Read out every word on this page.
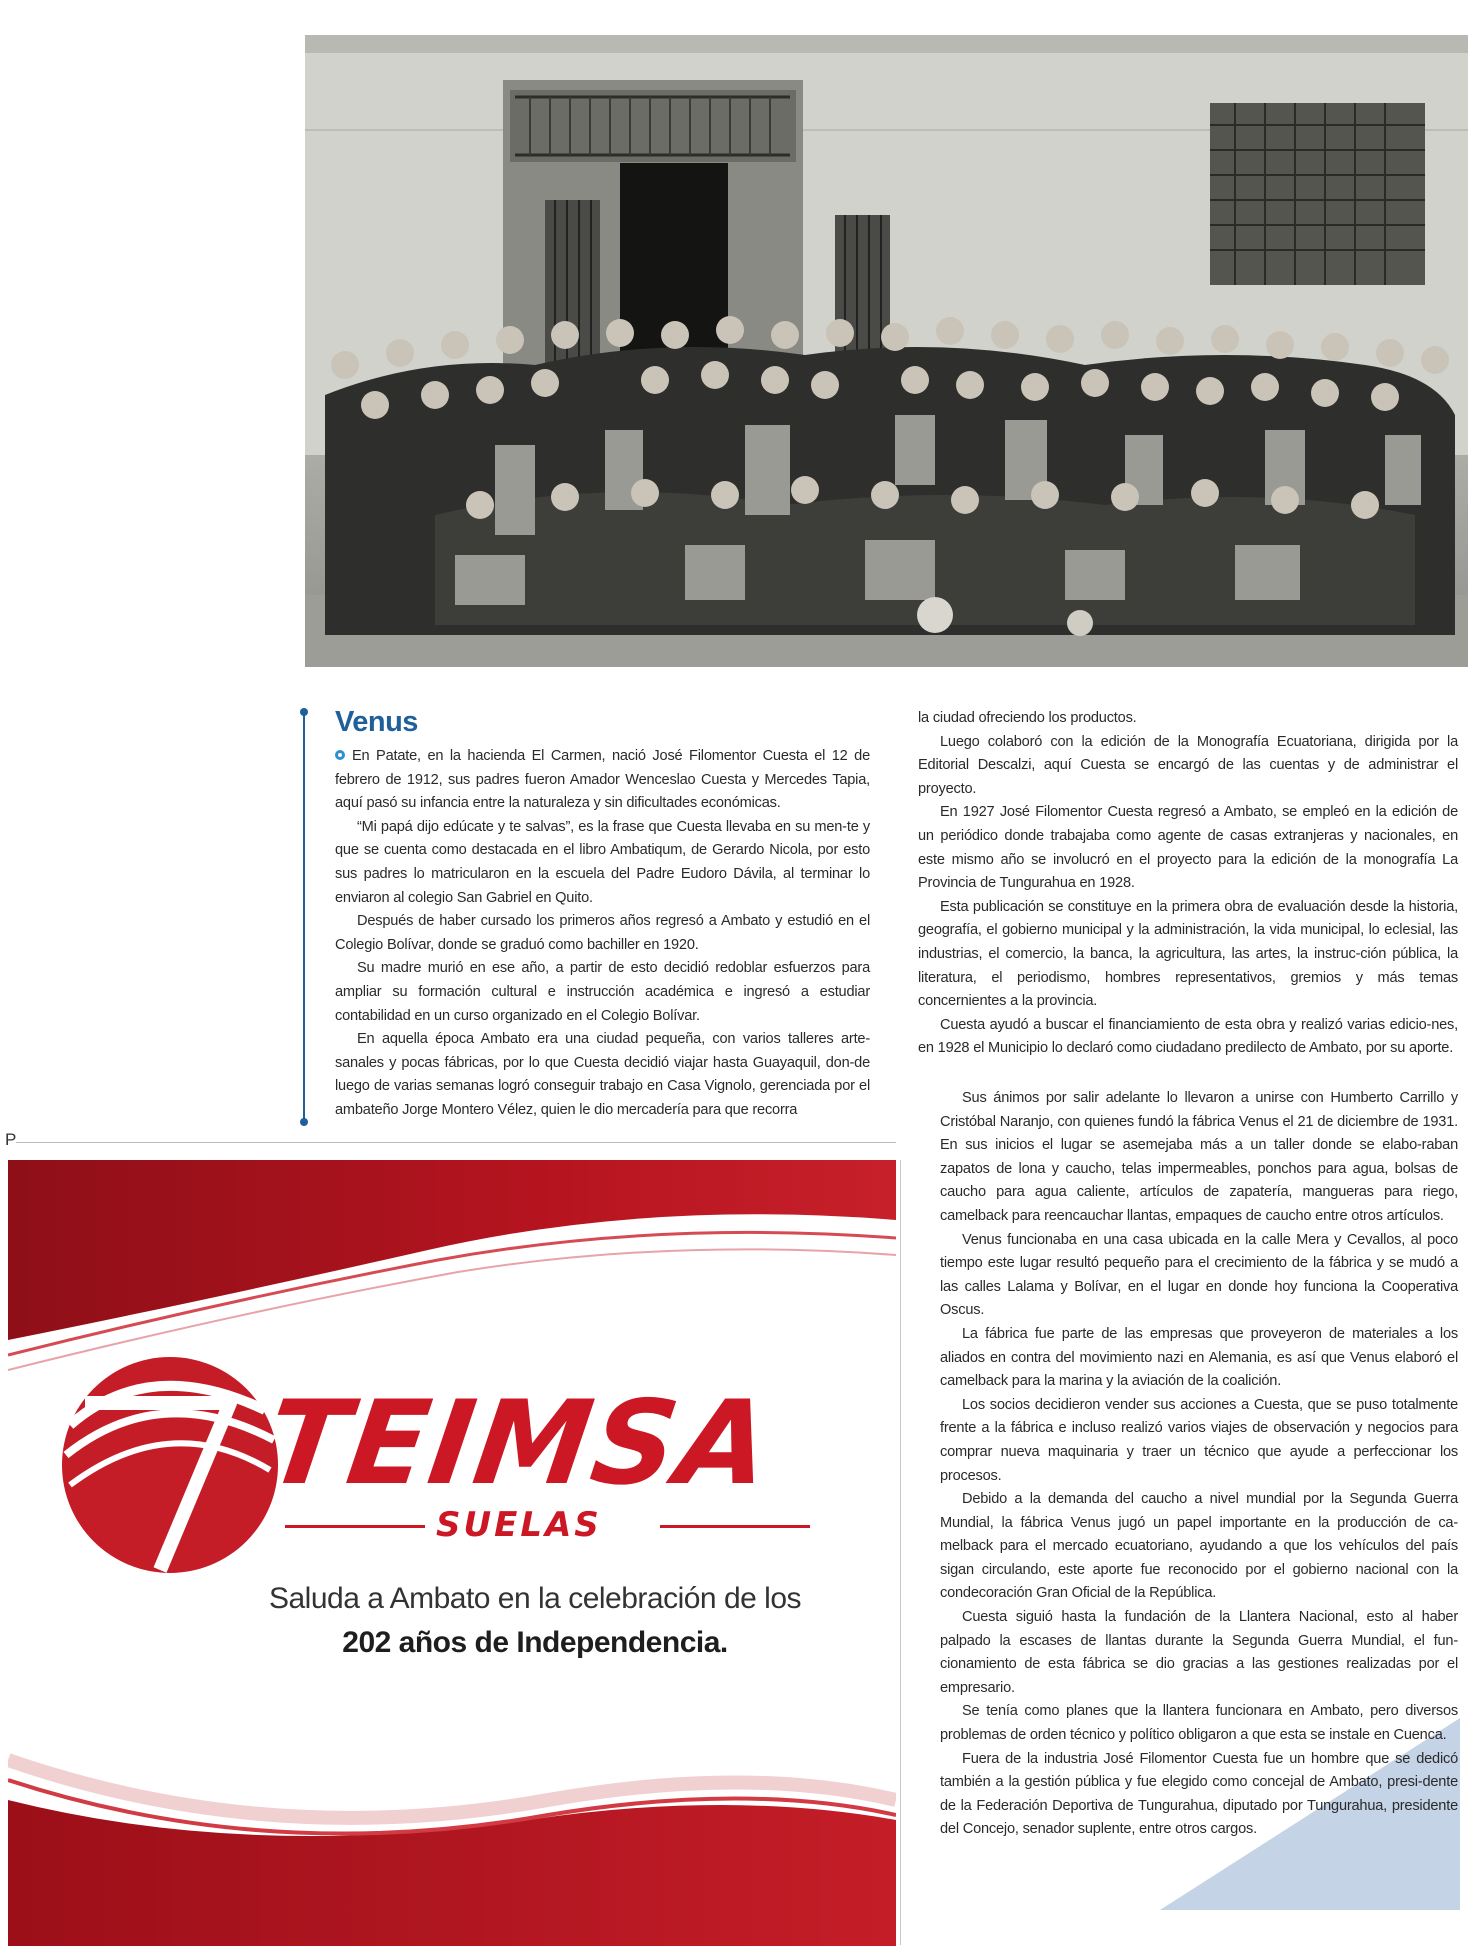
Venus

En Patate, en la hacienda El Carmen, nació José Filomentor Cuesta el 12 de febrero de 1912, sus padres fueron Amador Wenceslao Cuesta y Mercedes Tapia, aquí pasó su infancia entre la naturaleza y sin dificultades económicas.

“Mi papá dijo edúcate y te salvas”, es la frase que Cuesta llevaba en su men-te y que se cuenta como destacada en el libro Ambatiqum, de Gerardo Nicola, por esto sus padres lo matricularon en la escuela del Padre Eudoro Dávila, al terminar lo enviaron al colegio San Gabriel en Quito.

Después de haber cursado los primeros años regresó a Ambato y estudió en el Colegio Bolívar, donde se graduó como bachiller en 1920.

Su madre murió en ese año, a partir de esto decidió redoblar esfuerzos para ampliar su formación cultural e instrucción académica e ingresó a estudiar contabilidad en un curso organizado en el Colegio Bolívar.

En aquella época Ambato era una ciudad pequeña, con varios talleres arte-sanales y pocas fábricas, por lo que Cuesta decidió viajar hasta Guayaquil, don-de luego de varias semanas logró conseguir trabajo en Casa Vignolo, gerenciada por el ambateño Jorge Montero Vélez, quien le dio mercadería para que recorra

la ciudad ofreciendo los productos.

Luego colaboró con la edición de la Monografía Ecuatoriana, dirigida por la Editorial Descalzi, aquí Cuesta se encargó de las cuentas y de administrar el proyecto.

En 1927 José Filomentor Cuesta regresó a Ambato, se empleó en la edición de un periódico donde trabajaba como agente de casas extranjeras y nacionales, en este mismo año se involucró en el proyecto para la edición de la monografía La Provincia de Tungurahua en 1928.

Esta publicación se constituye en la primera obra de evaluación desde la historia, geografía, el gobierno municipal y la administración, la vida municipal, lo eclesial, las industrias, el comercio, la banca, la agricultura, las artes, la instruc-ción pública, la literatura, el periodismo, hombres representativos, gremios y más temas concernientes a la provincia.

Cuesta ayudó a buscar el financiamiento de esta obra y realizó varias edicio-nes, en 1928 el Municipio lo declaró como ciudadano predilecto de Ambato, por su aporte.

Sus ánimos por salir adelante lo llevaron a unirse con Humberto Carrillo y Cristóbal Naranjo, con quienes fundó la fábrica Venus el 21 de diciembre de 1931. En sus inicios el lugar se asemejaba más a un taller donde se elabo-raban zapatos de lona y caucho, telas impermeables, ponchos para agua, bolsas de caucho para agua caliente, artículos de zapatería, mangueras para riego, camelback para reencauchar llantas, empaques de caucho entre otros artículos.

Venus funcionaba en una casa ubicada en la calle Mera y Cevallos, al poco tiempo este lugar resultó pequeño para el crecimiento de la fábrica y se mudó a las calles Lalama y Bolívar, en el lugar en donde hoy funciona la Cooperativa Oscus.

La fábrica fue parte de las empresas que proveyeron de materiales a los aliados en contra del movimiento nazi en Alemania, es así que Venus elaboró el camelback para la marina y la aviación de la coalición.

Los socios decidieron vender sus acciones a Cuesta, que se puso totalmente frente a la fábrica e incluso realizó varios viajes de observación y negocios para comprar nueva maquinaria y traer un técnico que ayude a perfeccionar los procesos.

Debido a la demanda del caucho a nivel mundial por la Segunda Guerra Mundial, la fábrica Venus jugó un papel importante en la producción de ca-melback para el mercado ecuatoriano, ayudando a que los vehículos del país sigan circulando, este aporte fue reconocido por el gobierno nacional con la condecoración Gran Oficial de la República.

Cuesta siguió hasta la fundación de la Llantera Nacional, esto al haber palpado la escases de llantas durante la Segunda Guerra Mundial, el fun-cionamiento de esta fábrica se dio gracias a las gestiones realizadas por el empresario.

Se tenía como planes que la llantera funcionara en Ambato, pero diversos problemas de orden técnico y político obligaron a que esta se instale en Cuenca.

Fuera de la industria José Filomentor Cuesta fue un hombre que se dedicó también a la gestión pública y fue elegido como concejal de Ambato, presi-dente de la Federación Deportiva de Tungurahua, diputado por Tungurahua, presidente del Concejo, senador suplente, entre otros cargos.

P
TEIMSA
SUELAS
Saluda a Ambato en la celebración de los
202 años de Independencia.
